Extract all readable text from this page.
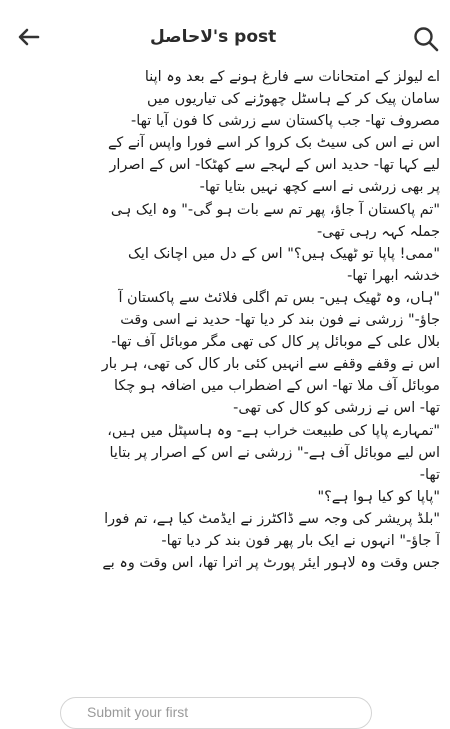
لاحاصل's post
اے لیولز کے امتحانات سے فارغ ہونے کے بعد وہ اپنا
سامان پیک کر کے ہاسٹل چھوڑنے کی تیاریوں میں
مصروف تھا- جب پاکستان سے زرشی کا فون آیا تھا-
اس نے اس کی سیٹ بک کروا کر اسے فورا واپس آنے کے
لیے کہا تھا- حدید اس کے لہجے سے کھٹکا- اس کے اصرار
پر بھی زرشی نے اسے کچھ نہیں بتایا تھا-
"تم پاکستان آ جاؤ، پھر تم سے بات ہو گی-" وہ ایک ہی
جملہ کہہ رہی تھی-
"ممی! پاپا تو ٹھیک ہیں؟" اس کے دل میں اچانک ایک
خدشہ ابھرا تھا-
"ہاں، وہ ٹھیک ہیں- بس تم اگلی فلائٹ سے پاکستان آ
جاؤ-" زرشی نے فون بند کر دیا تھا- حدید نے اسی وقت
بلال علی کے موبائل پر کال کی تھی مگر موبائل آف تھا-
اس نے وقفے وقفے سے انہیں کئی بار کال کی تھی، ہر بار
موبائل آف ملا تھا- اس کے اضطراب میں اضافہ ہو چکا
تھا- اس نے زرشی کو کال کی تھی-
"تمہارے پاپا کی طبیعت خراب ہے- وہ ہاسپٹل میں ہیں،
اس لیے موبائل آف ہے-" زرشی نے اس کے اصرار پر بتایا
تھا-
"پاپا کو کیا ہوا ہے؟"
"بلڈ پریشر کی وجہ سے ڈاکٹرز نے ایڈمٹ کیا ہے، تم فورا
آ جاؤ-" انہوں نے ایک بار پھر فون بند کر دیا تھا-
جس وقت وہ لاہور ایئر پورٹ پر اترا تھا، اس وقت وہ بے
Submit your first
